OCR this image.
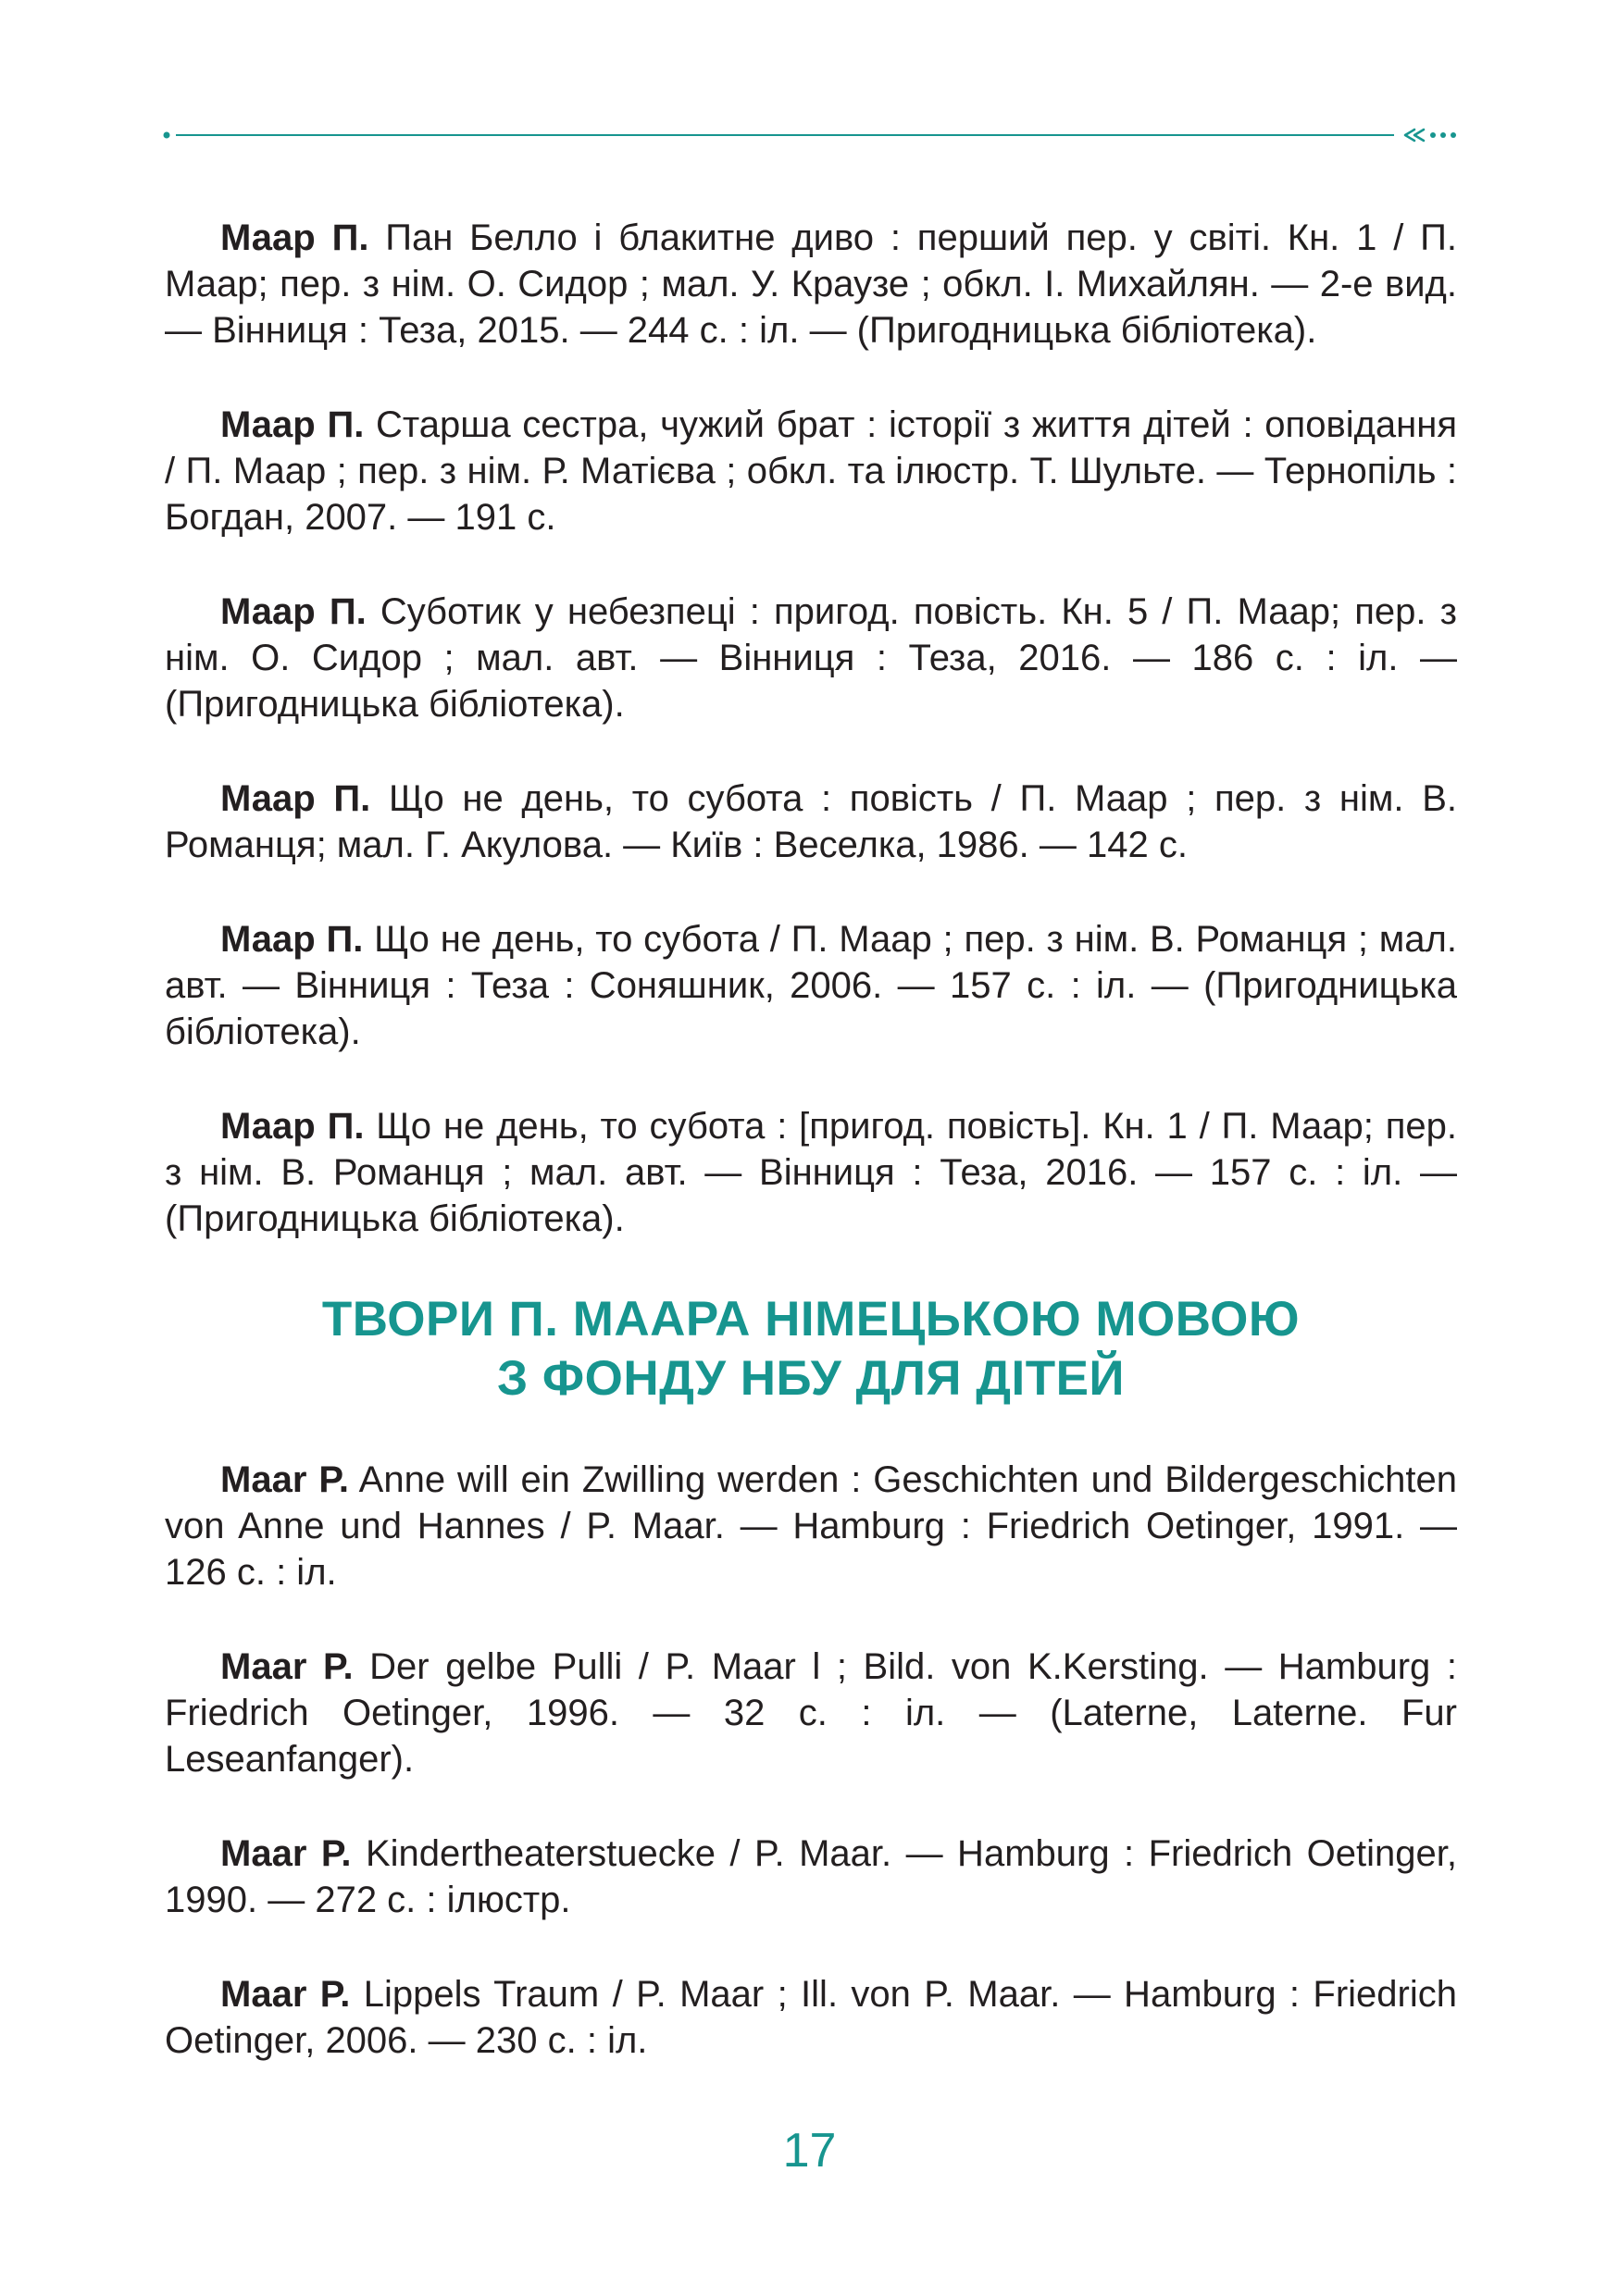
Маар П. Пан Белло і блакитне диво : перший пер. у світі. Кн. 1 / П. Маар; пер. з нім. О. Сидор ; мал. У. Краузе ; обкл. І. Михайлян. — 2-е вид. — Вінниця : Теза, 2015. — 244 с. : іл. — (Пригодницька бібліотека).

Маар П. Старша сестра, чужий брат : історії з життя дітей : оповідання / П. Маар ; пер. з нім. Р. Матієва ; обкл. та ілюстр. Т. Шульте. — Тернопіль : Богдан, 2007. — 191 с.

Маар П. Суботик у небезпеці : пригод. повість. Кн. 5 / П. Маар; пер. з нім. О. Сидор ; мал. авт. — Вінниця : Теза, 2016. — 186 с. : іл. — (Пригодницька бібліотека).

Маар П. Що не день, то субота : повість / П. Маар ; пер. з нім. В. Романця; мал. Г. Акулова. — Київ : Веселка, 1986. — 142 с.

Маар П. Що не день, то субота / П. Маар ; пер. з нім. В. Романця ; мал. авт. — Вінниця : Теза : Соняшник, 2006. — 157 с. : іл. — (Пригодницька бібліотека).

Маар П. Що не день, то субота : [пригод. повість]. Кн. 1 / П. Маар; пер. з нім. В. Романця ; мал. авт. — Вінниця : Теза, 2016. — 157 с. : іл. — (Пригодницька бібліотека).

ТВОРИ П. МААРА НІМЕЦЬКОЮ МОВОЮ
З ФОНДУ НБУ ДЛЯ ДІТЕЙ

Maar P. Anne will ein Zwilling werden : Geschichten und Bildergeschichten von Anne und Hannes / P. Maar. — Hamburg : Friedrich Oetinger, 1991. — 126 с. : іл.

Maar P. Der gelbe Pulli / P. Maar l ; Bild. von K.Kersting. — Hamburg : Friedrich Oetinger, 1996. — 32 с. : іл. — (Laterne, Laterne. Fur Leseanfanger).

Maar P. Kindertheaterstuecke / P. Maar. — Hamburg : Friedrich Oetinger, 1990. — 272 с. : ілюстр.

Maar P. Lippels Traum / P. Maar ; Ill. von P. Maar. — Hamburg : Friedrich Oetinger, 2006. — 230 с. : іл.

17
